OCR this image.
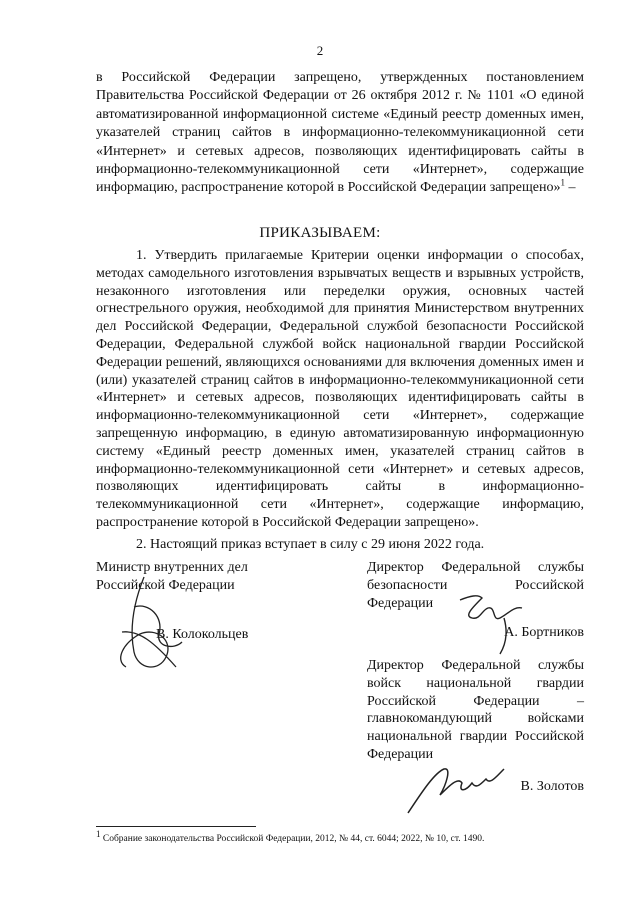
2

в Российской Федерации запрещено, утвержденных постановлением Правительства Российской Федерации от 26 октября 2012 г. № 1101 «О единой автоматизированной информационной системе «Единый реестр доменных имен, указателей страниц сайтов в информационно-телекоммуникационной сети «Интернет» и сетевых адресов, позволяющих идентифицировать сайты в информационно-телекоммуникационной сети «Интернет», содержащие информацию, распространение которой в Российской Федерации запрещено»$^1$ –

ПРИКАЗЫВАЕМ:

1. Утвердить прилагаемые Критерии оценки информации о способах, методах самодельного изготовления взрывчатых веществ и взрывных устройств, незаконного изготовления или переделки оружия, основных частей огнестрельного оружия, необходимой для принятия Министерством внутренних дел Российской Федерации, Федеральной службой безопасности Российской Федерации, Федеральной службой войск национальной гвардии Российской Федерации решений, являющихся основаниями для включения доменных имен и (или) указателей страниц сайтов в информационно-телекоммуникационной сети «Интернет» и сетевых адресов, позволяющих идентифицировать сайты в информационно-телекоммуникационной сети «Интернет», содержащие запрещенную информацию, в единую автоматизированную информационную систему «Единый реестр доменных имен, указателей страниц сайтов в информационно-телекоммуникационной сети «Интернет» и сетевых адресов, позволяющих идентифицировать сайты в информационно-телекоммуникационной сети «Интернет», содержащие информацию, распространение которой в Российской Федерации запрещено».

2. Настоящий приказ вступает в силу с 29 июня 2022 года.

Министр внутренних дел
Российской Федерации
В. Колокольцев
Директор Федеральной службы безопасности Российской Федерации
А. Бортников
Директор Федеральной службы войск национальной гвардии Российской Федерации – главнокомандующий войсками национальной гвардии Российской Федерации
В. Золотов
$^1$ Собрание законодательства Российской Федерации, 2012, № 44, ст. 6044; 2022, № 10, ст. 1490.
